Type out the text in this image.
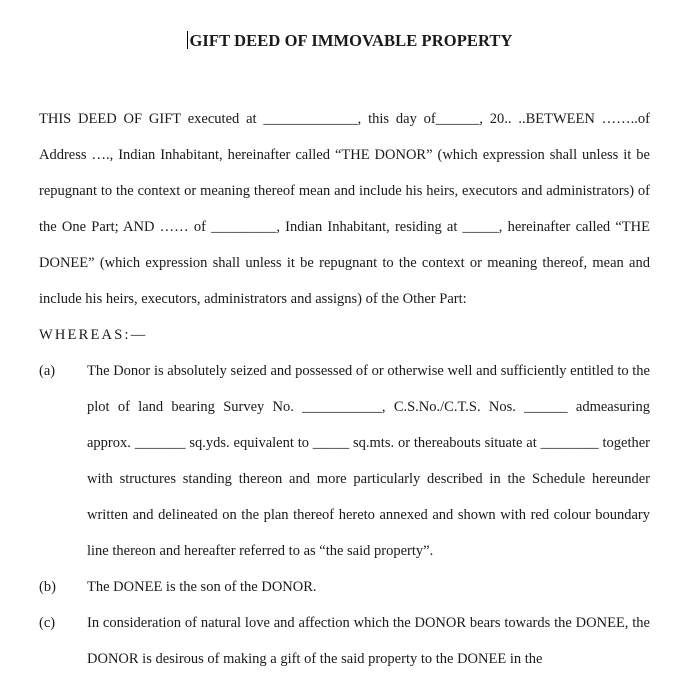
GIFT DEED OF IMMOVABLE PROPERTY

THIS DEED OF GIFT executed at _____________, this day of______, 20.. ..BETWEEN ……..of Address …., Indian Inhabitant, hereinafter called “THE DONOR” (which expression shall unless it be repugnant to the context or meaning thereof mean and include his heirs, executors and administrators) of the One Part; AND …… of _________, Indian Inhabitant, residing at _____, hereinafter called “THE DONEE” (which expression shall unless it be repugnant to the context or meaning thereof, mean and include his heirs, executors, administrators and assigns) of the Other Part:

WHEREAS:—

(a) The Donor is absolutely seized and possessed of or otherwise well and sufficiently entitled to the plot of land bearing Survey No. ___________, C.S.No./C.T.S. Nos. ______ admeasuring approx. _______ sq.yds. equivalent to _____ sq.mts. or thereabouts situate at ________ together with structures standing thereon and more particularly described in the Schedule hereunder written and delineated on the plan thereof hereto annexed and shown with red colour boundary line thereon and hereafter referred to as “the said property”.

(b) The DONEE is the son of the DONOR.

(c) In consideration of natural love and affection which the DONOR bears towards the DONEE, the DONOR is desirous of making a gift of the said property to the DONEE in the
